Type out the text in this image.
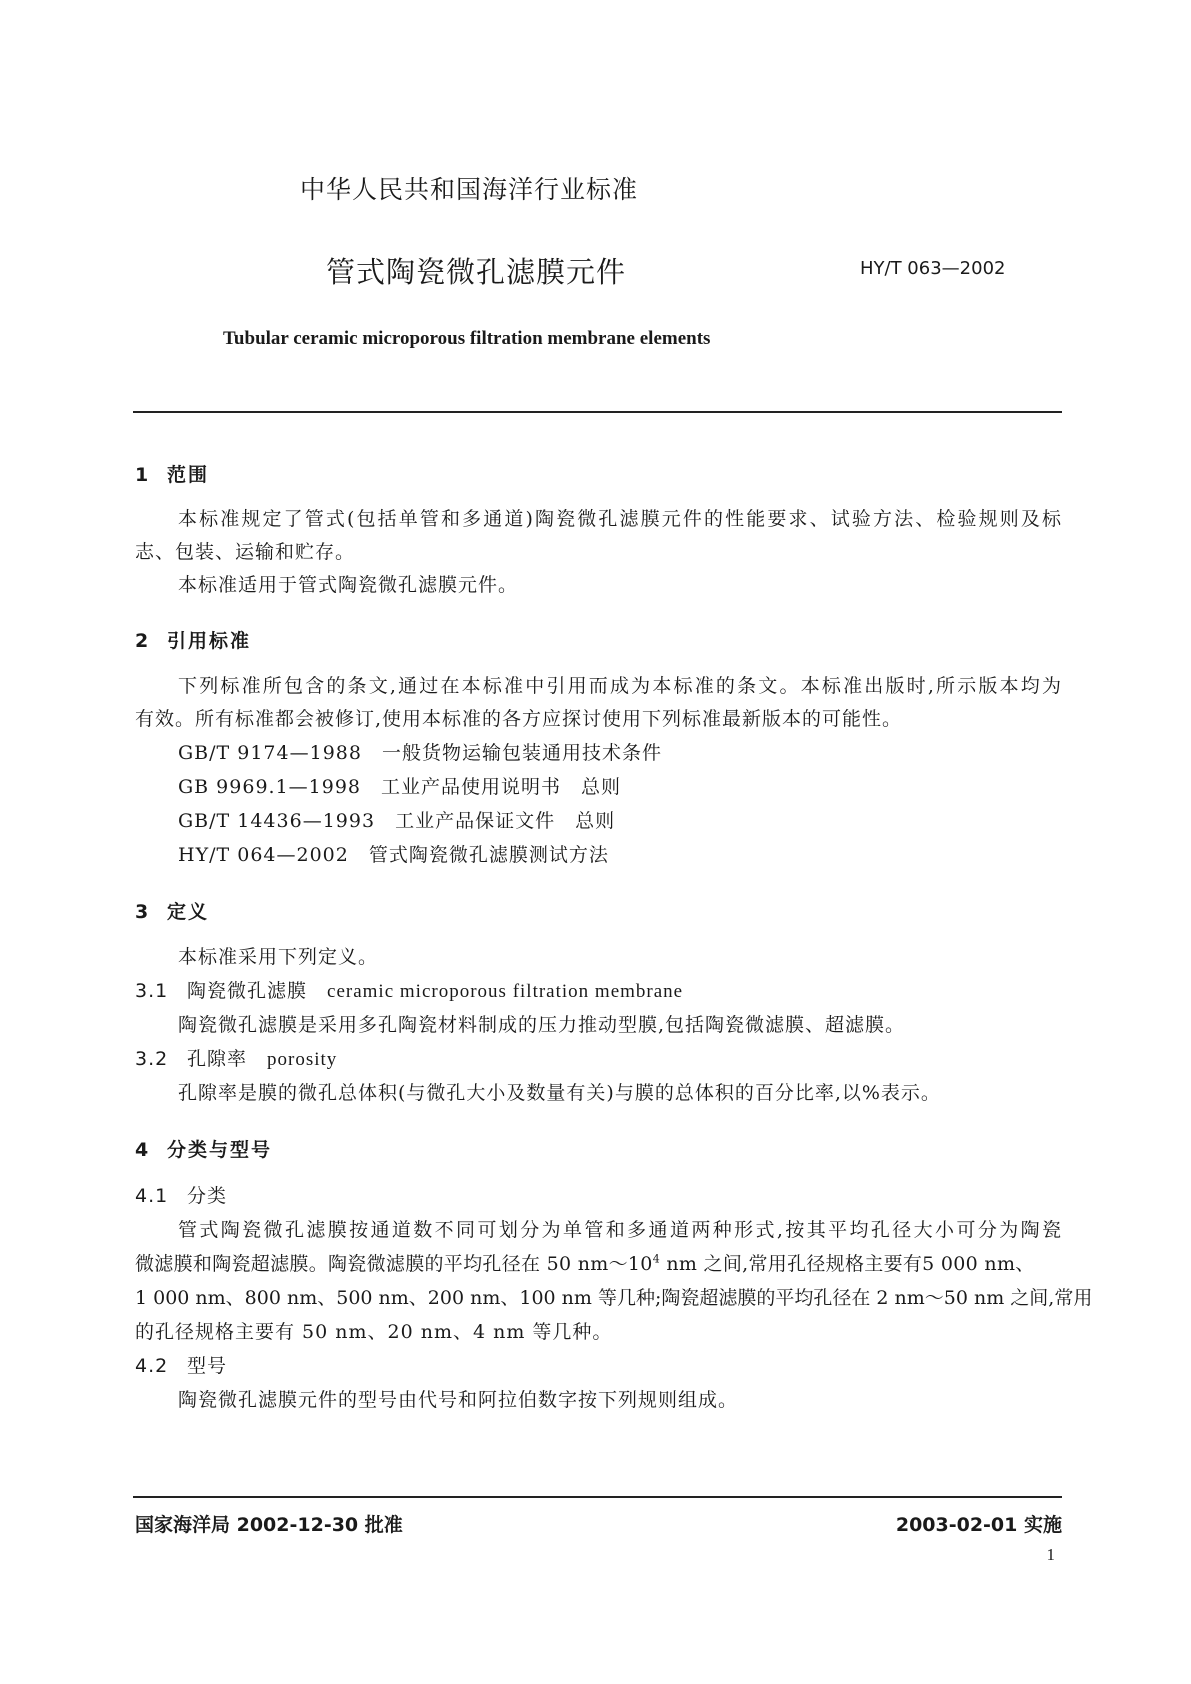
中华人民共和国海洋行业标准
管式陶瓷微孔滤膜元件	HY/T 063—2002
Tubular ceramic microporous filtration membrane elements
1 范围
本标准规定了管式(包括单管和多通道)陶瓷微孔滤膜元件的性能要求、试验方法、检验规则及标
志、包装、运输和贮存。
本标准适用于管式陶瓷微孔滤膜元件。
2 引用标准
下列标准所包含的条文,通过在本标准中引用而成为本标准的条文。本标准出版时,所示版本均为
有效。所有标准都会被修订,使用本标准的各方应探讨使用下列标准最新版本的可能性。
GB/T 9174—1988　 一般货物运输包装通用技术条件
GB 9969.1—1998　 工业产品使用说明书　总则
GB/T 14436—1993　 工业产品保证文件　总则
HY/T 064—2002　 管式陶瓷微孔滤膜测试方法
3 定义
本标准采用下列定义。
3.1 陶瓷微孔滤膜　 ceramic microporous filtration membrane
陶瓷微孔滤膜是采用多孔陶瓷材料制成的压力推动型膜,包括陶瓷微滤膜、超滤膜。
3.2 孔隙率　 porosity
孔隙率是膜的微孔总体积(与微孔大小及数量有关)与膜的总体积的百分比率,以%表示。
4 分类与型号
4.1 分类
管式陶瓷微孔滤膜按通道数不同可划分为单管和多通道两种形式,按其平均孔径大小可分为陶瓷
微滤膜和陶瓷超滤膜。陶瓷微滤膜的平均孔径在 50 $nm\sim 10^4$ nm 之间,常用孔径规格主要有5 000 nm、
1 000 nm、800 nm、500 nm、200 nm、100 nm 等几种;陶瓷超滤膜的平均孔径在 2 nm～50 nm 之间,常用
的孔径规格主要有 50 nm、20 nm、4 nm 等几种。
4.2 型号
陶瓷微孔滤膜元件的型号由代号和阿拉伯数字按下列规则组成。
国家海洋局 2002-12-30 批准	2003-02-01 实施
1
